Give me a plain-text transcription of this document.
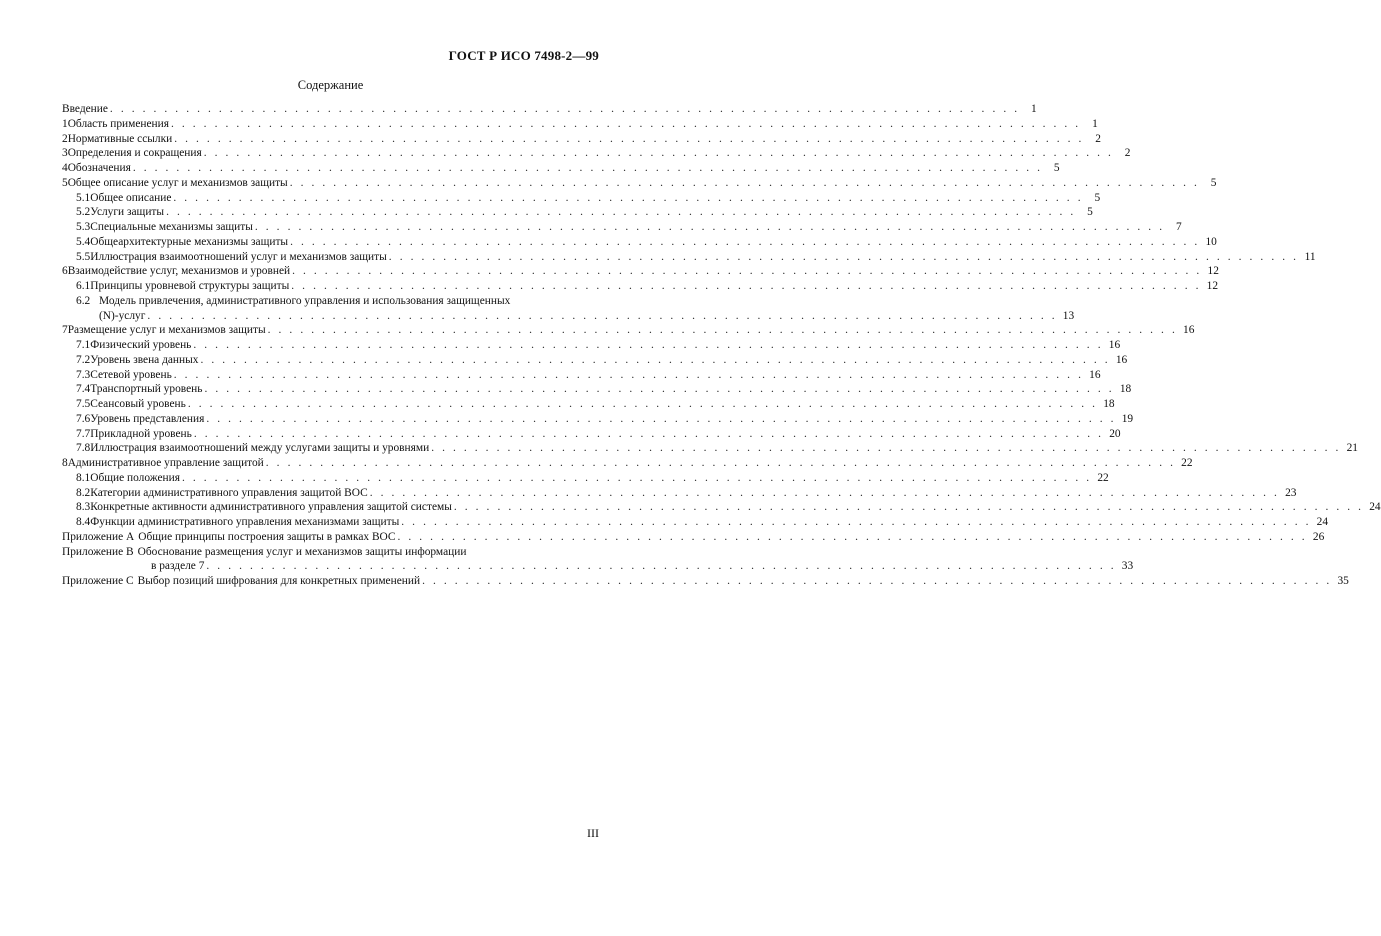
ГОСТ Р ИСО 7498-2—99
Содержание
Введение . . . . . . . . . . . . . . . . . . . . . . . . . . . . . . . . . . . . . . . . . . . . . . . . . . . . . . . . . . . . . . . . . . . . . . . . . . . . . . . . . . . . 1
1 Область применения . . . . . . . . . . . . . . . . . . . . . . . . . . . . . . . . . . . . . . . . . . . . . . . . . . . . . . . . . . . . . . . . . . . . . . . . . . . . . . . . . . . . 1
2 Нормативные ссылки . . . . . . . . . . . . . . . . . . . . . . . . . . . . . . . . . . . . . . . . . . . . . . . . . . . . . . . . . . . . . . . . . . . . . . . . . . . . . . . . . . . . 2
3 Определения и сокращения . . . . . . . . . . . . . . . . . . . . . . . . . . . . . . . . . . . . . . . . . . . . . . . . . . . . . . . . . . . . . . . . . . . . . . . . . . . . . . . . . . . . 2
4 Обозначения . . . . . . . . . . . . . . . . . . . . . . . . . . . . . . . . . . . . . . . . . . . . . . . . . . . . . . . . . . . . . . . . . . . . . . . . . . . . . . . . . . . . 5
5 Общее описание услуг и механизмов защиты . . . . . . . . . . . . . . . . . . . . . . . . . . . . . . . . . . . . . . . . . . . . . . . . . . . . . . . . . . . . . . . . . . . . . . . . . . . . . . . . . . . . 5
5.1 Общее описание . . . . . . . . . . . . . . . . . . . . . . . . . . . . . . . . . . . . . . . . . . . . . . . . . . . . . . . . . . . . . . . . . . . . . . . . . . . . . . . . . . . . 5
5.2 Услуги защиты . . . . . . . . . . . . . . . . . . . . . . . . . . . . . . . . . . . . . . . . . . . . . . . . . . . . . . . . . . . . . . . . . . . . . . . . . . . . . . . . . . . . 5
5.3 Специальные механизмы защиты . . . . . . . . . . . . . . . . . . . . . . . . . . . . . . . . . . . . . . . . . . . . . . . . . . . . . . . . . . . . . . . . . . . . . . . . . . . . . . . . . . . . 7
5.4 Общеархитектурные механизмы защиты . . . . . . . . . . . . . . . . . . . . . . . . . . . . . . . . . . . . . . . . . . . . . . . . . . . . . . . . . . . . . . . . . . . . . . . . . . . . . . . . . . . . 10
5.5 Иллюстрация взаимоотношений услуг и механизмов защиты . . . . . . . . . . . . . . . . . . . . . . . . . . . . . . . . . . . . . . . . . . . . . . . . . . . . . . . . . . . . . . . . . . . . . . . . . . . . . . . . . . . . 11
6 Взаимодействие услуг, механизмов и уровней . . . . . . . . . . . . . . . . . . . . . . . . . . . . . . . . . . . . . . . . . . . . . . . . . . . . . . . . . . . . . . . . . . . . . . . . . . . . . . . . . . . . 12
6.1 Принципы уровневой структуры защиты . . . . . . . . . . . . . . . . . . . . . . . . . . . . . . . . . . . . . . . . . . . . . . . . . . . . . . . . . . . . . . . . . . . . . . . . . . . . . . . . . . . . 12
6.2 Модель привлечения, административного управления и использования защищенных
(N)-услуг . . . . . . . . . . . . . . . . . . . . . . . . . . . . . . . . . . . . . . . . . . . . . . . . . . . . . . . . . . . . . . . . . . . . . . . . . . . . . . . . . . . . 13
7 Размещение услуг и механизмов защиты . . . . . . . . . . . . . . . . . . . . . . . . . . . . . . . . . . . . . . . . . . . . . . . . . . . . . . . . . . . . . . . . . . . . . . . . . . . . . . . . . . . . 16
7.1 Физический уровень . . . . . . . . . . . . . . . . . . . . . . . . . . . . . . . . . . . . . . . . . . . . . . . . . . . . . . . . . . . . . . . . . . . . . . . . . . . . . . . . . . . . 16
7.2 Уровень звена данных . . . . . . . . . . . . . . . . . . . . . . . . . . . . . . . . . . . . . . . . . . . . . . . . . . . . . . . . . . . . . . . . . . . . . . . . . . . . . . . . . . . . 16
7.3 Сетевой уровень . . . . . . . . . . . . . . . . . . . . . . . . . . . . . . . . . . . . . . . . . . . . . . . . . . . . . . . . . . . . . . . . . . . . . . . . . . . . . . . . . . . . 16
7.4 Транспортный уровень . . . . . . . . . . . . . . . . . . . . . . . . . . . . . . . . . . . . . . . . . . . . . . . . . . . . . . . . . . . . . . . . . . . . . . . . . . . . . . . . . . . . 18
7.5 Сеансовый уровень . . . . . . . . . . . . . . . . . . . . . . . . . . . . . . . . . . . . . . . . . . . . . . . . . . . . . . . . . . . . . . . . . . . . . . . . . . . . . . . . . . . . 18
7.6 Уровень представления . . . . . . . . . . . . . . . . . . . . . . . . . . . . . . . . . . . . . . . . . . . . . . . . . . . . . . . . . . . . . . . . . . . . . . . . . . . . . . . . . . . . 19
7.7 Прикладной уровень . . . . . . . . . . . . . . . . . . . . . . . . . . . . . . . . . . . . . . . . . . . . . . . . . . . . . . . . . . . . . . . . . . . . . . . . . . . . . . . . . . . . 20
7.8 Иллюстрация взаимоотношений между услугами защиты и уровнями . . . . . . . . . . . . . . . . . . . . . . . . . . . . . . . . . . . . . . . . . . . . . . . . . . . . . . . . . . . . . . . . . . . . . . . . . . . . . . . . . . . . 21
8 Административное управление защитой . . . . . . . . . . . . . . . . . . . . . . . . . . . . . . . . . . . . . . . . . . . . . . . . . . . . . . . . . . . . . . . . . . . . . . . . . . . . . . . . . . . . 22
8.1 Общие положения . . . . . . . . . . . . . . . . . . . . . . . . . . . . . . . . . . . . . . . . . . . . . . . . . . . . . . . . . . . . . . . . . . . . . . . . . . . . . . . . . . . . 22
8.2 Категории административного управления защитой ВОС . . . . . . . . . . . . . . . . . . . . . . . . . . . . . . . . . . . . . . . . . . . . . . . . . . . . . . . . . . . . . . . . . . . . . . . . . . . . . . . . . . . . 23
8.3 Конкретные активности административного управления защитой системы . . . . . . . . . . . . . . . . . . . . . . . . . . . . . . . . . . . . . . . . . . . . . . . . . . . . . . . . . . . . . . . . . . . . . . . . . . . . . . . . . . . . 24
8.4 Функции административного управления механизмами защиты . . . . . . . . . . . . . . . . . . . . . . . . . . . . . . . . . . . . . . . . . . . . . . . . . . . . . . . . . . . . . . . . . . . . . . . . . . . . . . . . . . . . 24
Приложение А Общие принципы построения защиты в рамках ВОС . . . . . . . . . . . . . . . . . . . . . . . . . . . . . . . . . . . . . . . . . . . . . . . . . . . . . . . . . . . . . . . . . . . . . . . . . . . . . . . . . . . . 26
Приложение В Обоснование размещения услуг и механизмов защиты информации
в разделе 7 . . . . . . . . . . . . . . . . . . . . . . . . . . . . . . . . . . . . . . . . . . . . . . . . . . . . . . . . . . . . . . . . . . . . . . . . . . . . . . . . . . . . 33
Приложение С Выбор позиций шифрования для конкретных применений . . . . . . . . . . . . . . . . . . . . . . . . . . . . . . . . . . . . . . . . . . . . . . . . . . . . . . . . . . . . . . . . . . . . . . . . . . . . . . . . . . . . 35
III
